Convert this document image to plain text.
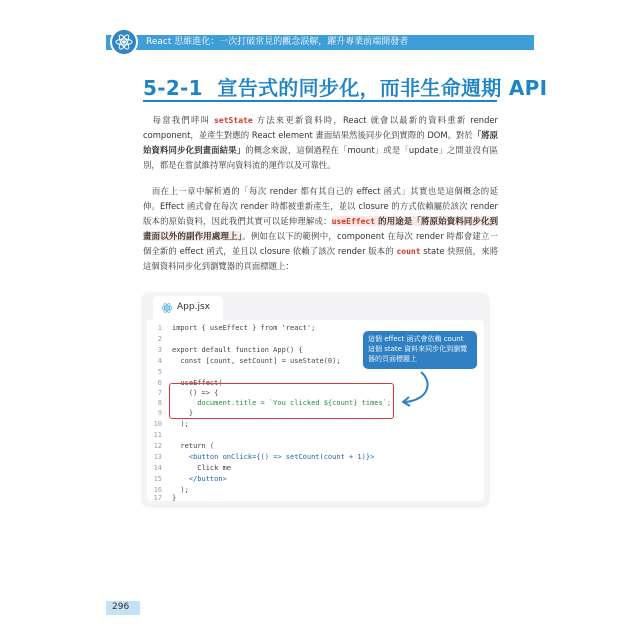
React 思維進化：一次打破常見的觀念誤解，躍升專業前端開發者
5-2-1 宣告式的同步化，而非生命週期 API
 每當我們呼叫 setState 方法來更新資料時，React 就會以最新的資料重新 render component，並產生對應的 React element 畫面結果然後同步化到實際的 DOM。對於「將原始資料同步化到畫面結果」的概念來說，這個過程在「mount」或是「update」之間並沒有區別，都是在嘗試維持單向資料流的運作以及可靠性。
 而在上一章中解析過的「每次 render 都有其自己的 effect 函式」其實也是這個概念的延伸。Effect 函式會在每次 render 時都被重新產生，並以 closure 的方式依賴屬於該次 render 版本的原始資料，因此我們其實可以延伸理解成：useEffect 的用途是「將原始資料同步化到畫面以外的副作用處理上」。例如在以下的範例中，component 在每次 render 時都會建立一個全新的 effect 函式，並且以 closure 依賴了該次 render 版本的 count state 快照值，來將這個資料同步化到瀏覽器的頁面標題上：
App.jsx
1 import { useEffect } from 'react';
2
3 export default function App() {
4  const [count, setCount] = useState(0);
5
6  useEffect(
7    () => {
8      document.title = `You clicked ${count} times`;
9    }
10  );
11
12  return (
13    <button onClick={() => setCount(count + 1)}>
14      Click me
15    </button>
16  );
17 }
這個 effect 函式會依賴 count 這個 state 資料來同步化到瀏覽器的頁面標題上
296
